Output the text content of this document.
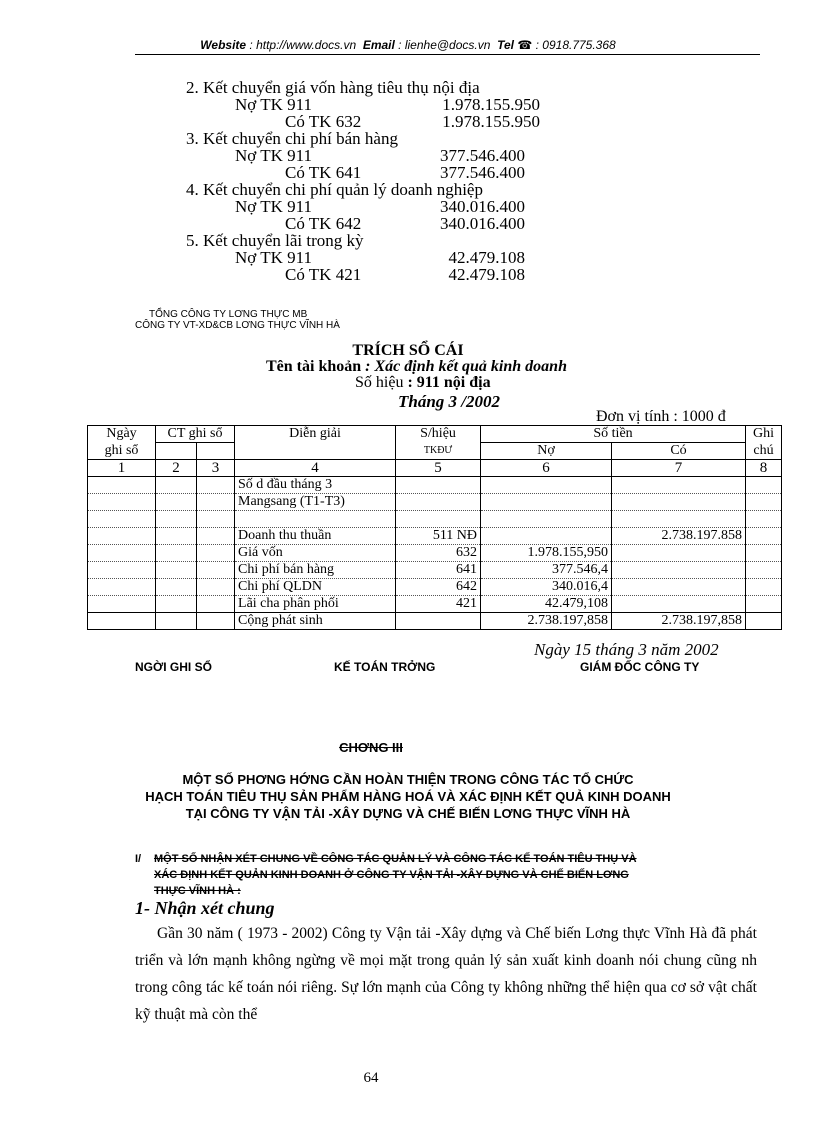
Website : http://www.docs.vn Email : lienhe@docs.vn Tel ☎ : 0918.775.368
2. Kết chuyển giá vốn hàng tiêu thụ nội địa
Nợ TK 911	1.978.155.950
Có TK 632	1.978.155.950
3. Kết chuyển chi phí bán hàng
Nợ TK 911	377.546.400
Có TK 641	377.546.400
4. Kết chuyển chi phí quản lý doanh nghiệp
Nợ TK 911	340.016.400
Có TK 642	340.016.400
5. Kết chuyển lãi trong kỳ
Nợ TK 911	42.479.108
Có TK 421	42.479.108
TỔNG CÔNG TY LƠNG THỰC MB
CÔNG TY VT-XD&CB LƠNG THỰC VĨNH HÀ
TRÍCH SỔ CÁI
Tên tài khoản : Xác định kết quả kinh doanh
Số hiệu : 911 nội địa
Tháng 3 /2002
Đơn vị tính : 1000 đ
Ngày	CT ghi sổ		Diễn giải	S/hiệu	Số tiền		Ghi
ghi sổ				TKĐƯ	Nợ	Có	chú
1	2	3	4	5	6	7	8
			Số d đầu tháng 3				
			Mangsang (T1-T3)				

			Doanh thu thuần	511 NĐ		2.738.197.858	
			Giá vốn	632	1.978.155,950		
			Chi phí bán hàng	641	377.546,4		
			Chi phí QLDN	642	340.016,4		
			Lãi cha phân phối	421	42.479,108		
			Cộng phát sinh		2.738.197,858	2.738.197,858	
Ngày 15 tháng 3 năm 2002
NGỜI GHI SỔ	KẾ TOÁN TRỞNG	GIÁM ĐỐC CÔNG TY
CHƠNG III
MỘT SỐ PHƠNG HỚNG CẦN HOÀN THIỆN TRONG CÔNG TÁC TỔ CHỨC
HẠCH TOÁN TIÊU THỤ SẢN PHẨM HÀNG HOÁ VÀ XÁC ĐỊNH KẾT QUẢ KINH DOANH
TẠI CÔNG TY VẬN TẢI -XÂY DỰNG VÀ CHẾ BIẾN LƠNG THỰC VĨNH HÀ
I/ MỘT SỐ NHẬN XÉT CHUNG VỀ CÔNG TÁC QUẢN LÝ VÀ CÔNG TÁC KẾ TOÁN TIÊU THỤ VÀ
XÁC ĐỊNH KẾT QUẢN KINH DOANH Ở CÔNG TY VẬN TẢI -XÂY DỰNG VÀ CHẾ BIẾN LƠNG
THỰC VĨNH HÀ :
1- Nhận xét chung
Gần 30 năm ( 1973 - 2002) Công ty Vận tải -Xây dựng và Chế biến Lơng thực Vĩnh Hà đã phát triển và lớn mạnh không ngừng về mọi mặt trong quản lý sản xuất kinh doanh nói chung cũng nh trong công tác kế toán nói riêng. Sự lớn mạnh của Công ty không những thể hiện qua cơ sở vật chất kỹ thuật mà còn thể
64
